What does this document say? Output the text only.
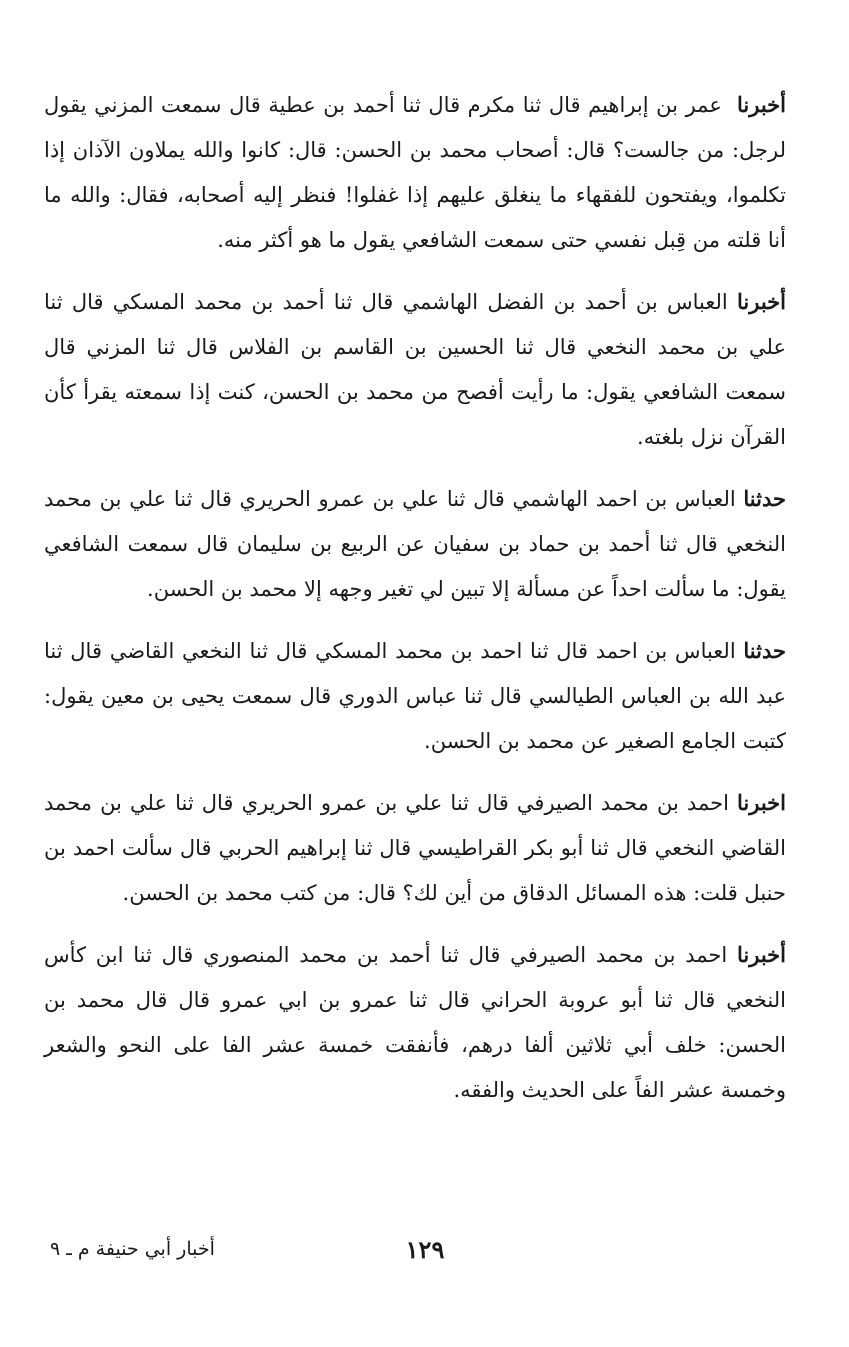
أخبرنا  عمر بن إبراهيم قال ثنا مكرم قال ثنا أحمد بن عطية قال سمعت المزني يقول لرجل: من جالست؟ قال: أصحاب محمد بن الحسن: قال: كانوا والله يملاون الآذان إذا تكلموا، ويفتحون للفقهاء ما ينغلق عليهم إذا غفلوا! فنظر إليه أصحابه، فقال: والله ما أنا قلته من قِبل نفسي حتى سمعت الشافعي يقول ما هو أكثر منه.

أخبرنا العباس بن أحمد بن الفضل الهاشمي قال ثنا أحمد بن محمد المسكي قال ثنا علي بن محمد النخعي قال ثنا الحسين بن القاسم بن الفلاس قال ثنا المزني قال سمعت الشافعي يقول: ما رأيت أفصح من محمد بن الحسن، كنت إذا سمعته يقرأ كأن القرآن نزل بلغته.

حدثنا العباس بن احمد الهاشمي قال ثنا علي بن عمرو الحريري قال ثنا علي بن محمد النخعي قال ثنا أحمد بن حماد بن سفيان عن الربيع بن سليمان قال سمعت الشافعي يقول: ما سألت احداً عن مسألة إلا تبين لي تغير وجهه إلا محمد بن الحسن.

حدثنا العباس بن احمد قال ثنا احمد بن محمد المسكي قال ثنا النخعي القاضي قال ثنا عبد الله بن العباس الطيالسي قال ثنا عباس الدوري قال سمعت يحيى بن معين يقول: كتبت الجامع الصغير عن محمد بن الحسن.

اخبرنا احمد بن محمد الصيرفي قال ثنا علي بن عمرو الحريري قال ثنا علي بن محمد القاضي النخعي قال ثنا أبو بكر القراطيسي قال ثنا إبراهيم الحربي قال سألت احمد بن حنبل قلت: هذه المسائل الدقاق من أين لك؟ قال: من كتب محمد بن الحسن.

أخبرنا احمد بن محمد الصيرفي قال ثنا أحمد بن محمد المنصوري قال ثنا ابن كأس النخعي قال ثنا أبو عروبة الحراني قال ثنا عمرو بن ابي عمرو قال قال محمد بن الحسن: خلف أبي ثلاثين ألفا درهم، فأنفقت خمسة عشر الفا على النحو والشعر وخمسة عشر الفاً على الحديث والفقه.

١٢٩
أخبار أبي حنيفة م ـ ٩
